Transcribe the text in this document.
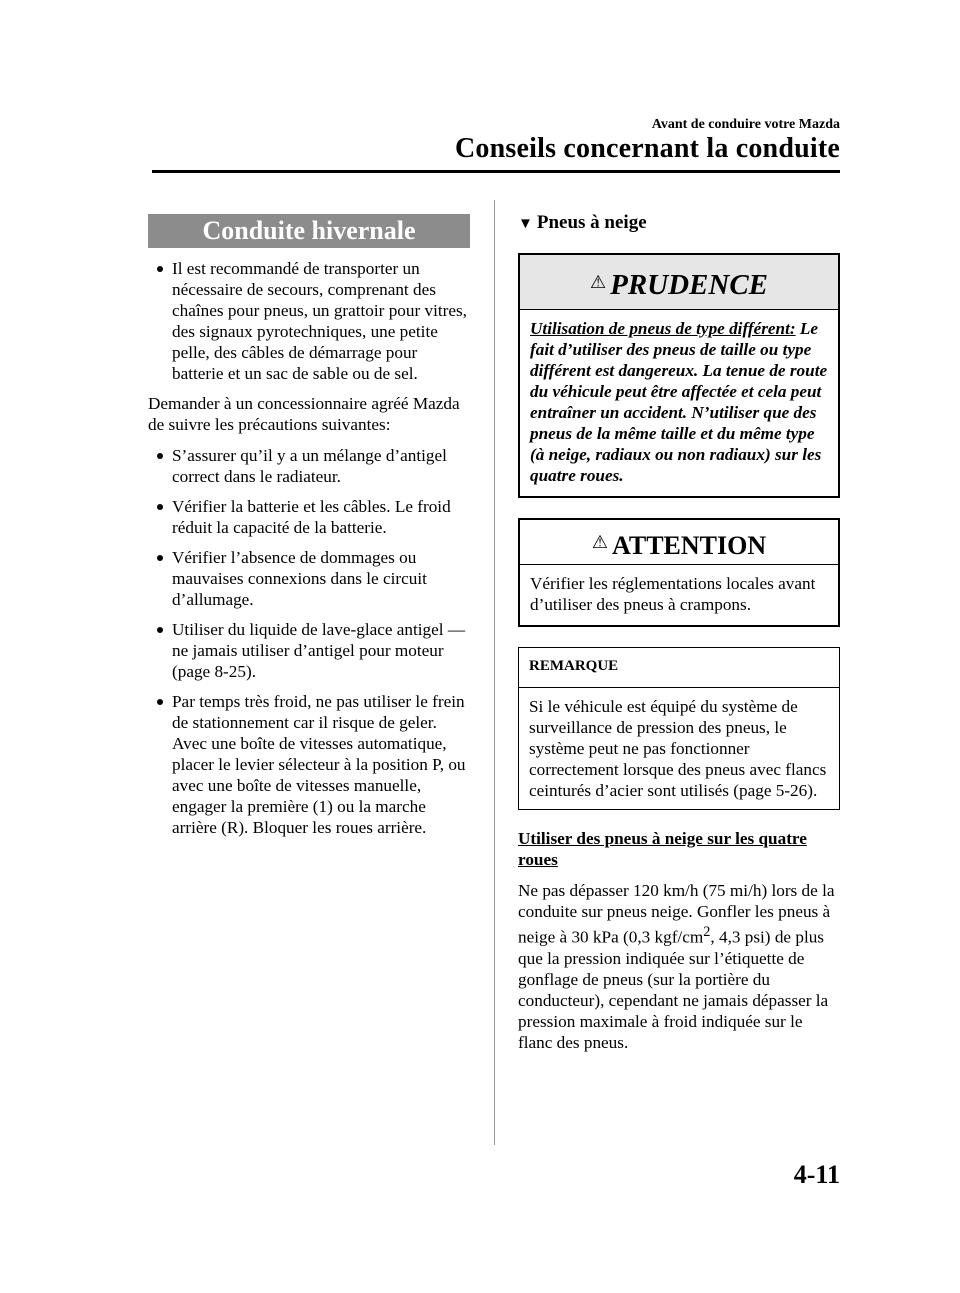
Avant de conduire votre Mazda
Conseils concernant la conduite
Conduite hivernale
Il est recommandé de transporter un nécessaire de secours, comprenant des chaînes pour pneus, un grattoir pour vitres, des signaux pyrotechniques, une petite pelle, des câbles de démarrage pour batterie et un sac de sable ou de sel.

Demander à un concessionnaire agréé Mazda de suivre les précautions suivantes:

S’assurer qu’il y a un mélange d’antigel correct dans le radiateur.
Vérifier la batterie et les câbles. Le froid réduit la capacité de la batterie.
Vérifier l’absence de dommages ou mauvaises connexions dans le circuit d’allumage.
Utiliser du liquide de lave-glace antigel — ne jamais utiliser d’antigel pour moteur (page 8-25).
Par temps très froid, ne pas utiliser le frein de stationnement car il risque de geler. Avec une boîte de vitesses automatique, placer le levier sélecteur à la position P, ou avec une boîte de vitesses manuelle, engager la première (1) ou la marche arrière (R). Bloquer les roues arrière.
▼ Pneus à neige
⚠ PRUDENCE
Utilisation de pneus de type différent: Le fait d’utiliser des pneus de taille ou type différent est dangereux. La tenue de route du véhicule peut être affectée et cela peut entraîner un accident. N’utiliser que des pneus de la même taille et du même type (à neige, radiaux ou non radiaux) sur les quatre roues.
⚠ ATTENTION
Vérifier les réglementations locales avant d’utiliser des pneus à crampons.
REMARQUE
Si le véhicule est équipé du système de surveillance de pression des pneus, le système peut ne pas fonctionner correctement lorsque des pneus avec flancs ceinturés d’acier sont utilisés (page 5-26).

Utiliser des pneus à neige sur les quatre roues

Ne pas dépasser 120 km/h (75 mi/h) lors de la conduite sur pneus neige. Gonfler les pneus à neige à 30 kPa (0,3 kgf/$cm^2$, 4,3 psi) de plus que la pression indiquée sur l’étiquette de gonflage de pneus (sur la portière du conducteur), cependant ne jamais dépasser la pression maximale à froid indiquée sur le flanc des pneus.

4-11
